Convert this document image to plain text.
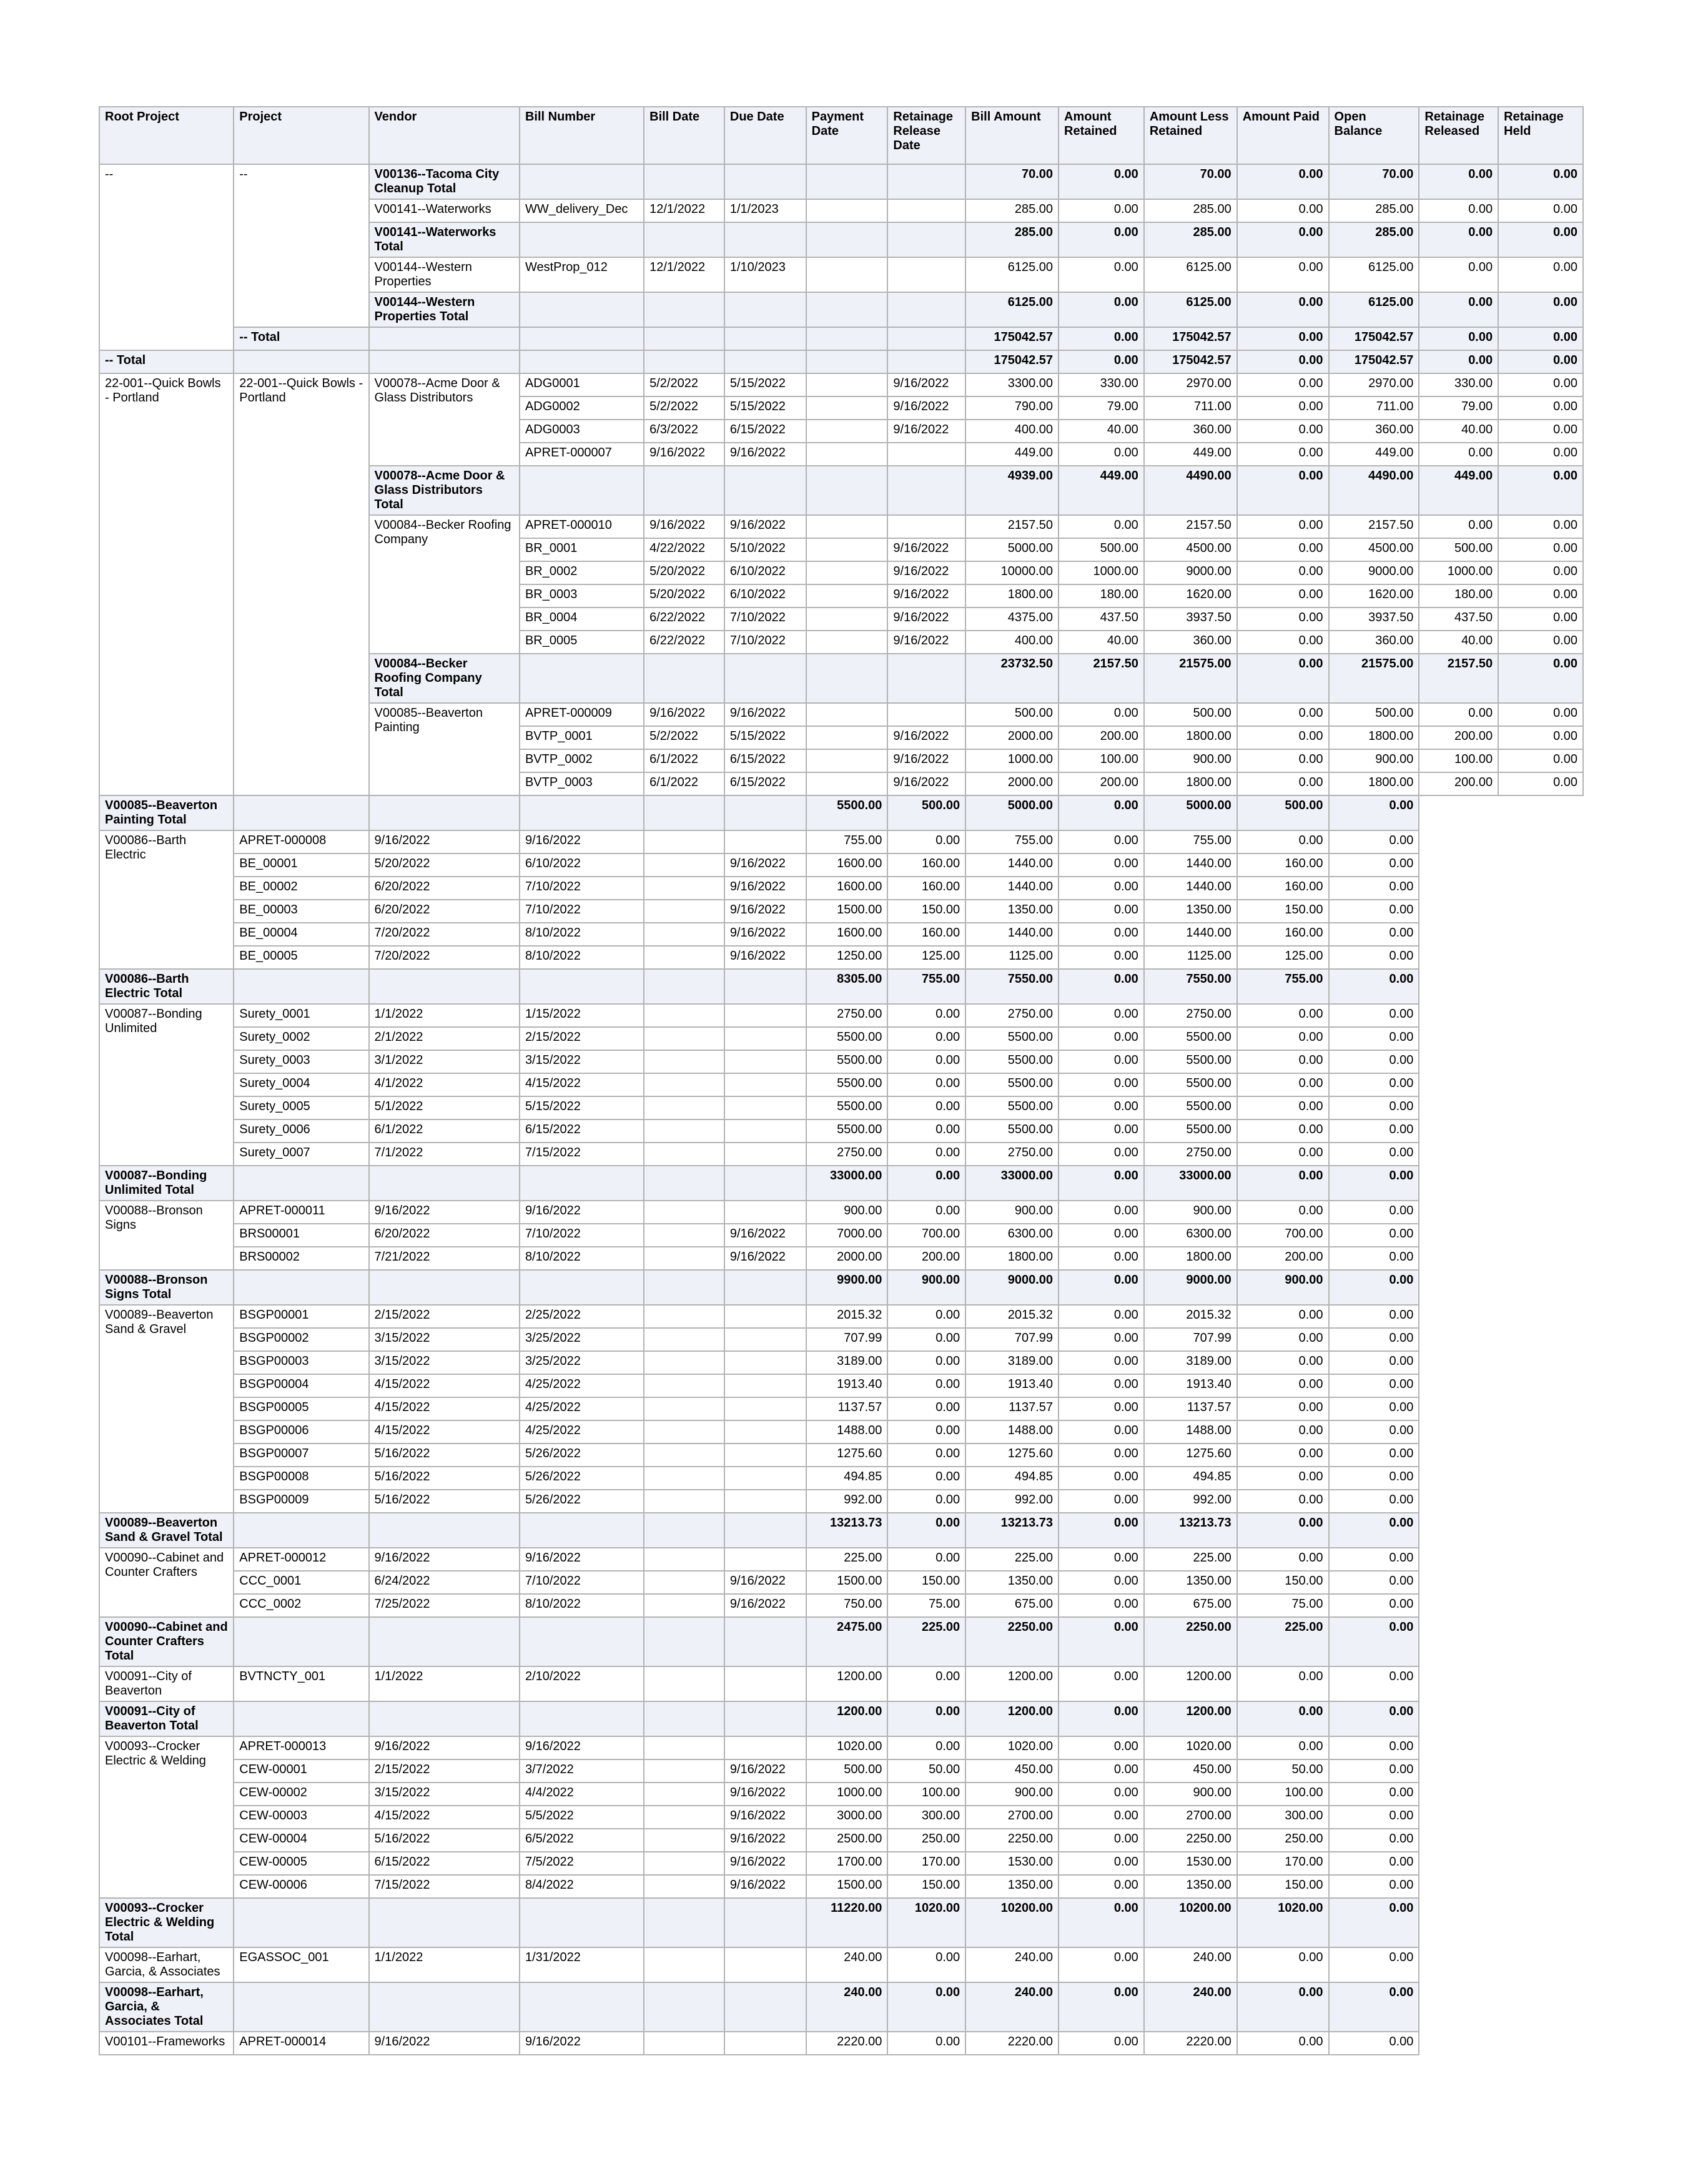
Root Project	Project	Vendor	Bill Number	Bill Date	Due Date	Payment Date	Retainage Release Date	Bill Amount	Amount Retained	Amount Less Retained	Amount Paid	Open Balance	Retainage Released	Retainage Held
--	--	V00136--Tacoma City Cleanup Total						70.00	0.00	70.00	0.00	70.00	0.00	0.00
		V00141--Waterworks	WW_delivery_Dec	12/1/2022	1/1/2023			285.00	0.00	285.00	0.00	285.00	0.00	0.00
		V00141--Waterworks Total						285.00	0.00	285.00	0.00	285.00	0.00	0.00
		V00144--Western Properties	WestProp_012	12/1/2022	1/10/2023			6125.00	0.00	6125.00	0.00	6125.00	0.00	0.00
		V00144--Western Properties Total						6125.00	0.00	6125.00	0.00	6125.00	0.00	0.00
	-- Total							175042.57	0.00	175042.57	0.00	175042.57	0.00	0.00
-- Total								175042.57	0.00	175042.57	0.00	175042.57	0.00	0.00
22-001--Quick Bowls - Portland	22-001--Quick Bowls - Portland	V00078--Acme Door & Glass Distributors	ADG0001	5/2/2022	5/15/2022		9/16/2022	3300.00	330.00	2970.00	0.00	2970.00	330.00	0.00
			ADG0002	5/2/2022	5/15/2022		9/16/2022	790.00	79.00	711.00	0.00	711.00	79.00	0.00
			ADG0003	6/3/2022	6/15/2022		9/16/2022	400.00	40.00	360.00	0.00	360.00	40.00	0.00
			APRET-000007	9/16/2022	9/16/2022			449.00	0.00	449.00	0.00	449.00	0.00	0.00
		V00078--Acme Door & Glass Distributors Total						4939.00	449.00	4490.00	0.00	4490.00	449.00	0.00
		V00084--Becker Roofing Company	APRET-000010	9/16/2022	9/16/2022			2157.50	0.00	2157.50	0.00	2157.50	0.00	0.00
			BR_0001	4/22/2022	5/10/2022		9/16/2022	5000.00	500.00	4500.00	0.00	4500.00	500.00	0.00
			BR_0002	5/20/2022	6/10/2022		9/16/2022	10000.00	1000.00	9000.00	0.00	9000.00	1000.00	0.00
			BR_0003	5/20/2022	6/10/2022		9/16/2022	1800.00	180.00	1620.00	0.00	1620.00	180.00	0.00
			BR_0004	6/22/2022	7/10/2022		9/16/2022	4375.00	437.50	3937.50	0.00	3937.50	437.50	0.00
			BR_0005	6/22/2022	7/10/2022		9/16/2022	400.00	40.00	360.00	0.00	360.00	40.00	0.00
		V00084--Becker Roofing Company Total						23732.50	2157.50	21575.00	0.00	21575.00	2157.50	0.00
		V00085--Beaverton Painting	APRET-000009	9/16/2022	9/16/2022			500.00	0.00	500.00	0.00	500.00	0.00	0.00
			BVTP_0001	5/2/2022	5/15/2022		9/16/2022	2000.00	200.00	1800.00	0.00	1800.00	200.00	0.00
			BVTP_0002	6/1/2022	6/15/2022		9/16/2022	1000.00	100.00	900.00	0.00	900.00	100.00	0.00
			BVTP_0003	6/1/2022	6/15/2022		9/16/2022	2000.00	200.00	1800.00	0.00	1800.00	200.00	0.00
V00085--Beaverton Painting Total						5500.00	500.00	5000.00	0.00	5000.00	500.00	0.00		
V00086--Barth Electric	APRET-000008	9/16/2022	9/16/2022			755.00	0.00	755.00	0.00	755.00	0.00	0.00		
	BE_00001	5/20/2022	6/10/2022		9/16/2022	1600.00	160.00	1440.00	0.00	1440.00	160.00	0.00		
	BE_00002	6/20/2022	7/10/2022		9/16/2022	1600.00	160.00	1440.00	0.00	1440.00	160.00	0.00		
	BE_00003	6/20/2022	7/10/2022		9/16/2022	1500.00	150.00	1350.00	0.00	1350.00	150.00	0.00		
	BE_00004	7/20/2022	8/10/2022		9/16/2022	1600.00	160.00	1440.00	0.00	1440.00	160.00	0.00		
	BE_00005	7/20/2022	8/10/2022		9/16/2022	1250.00	125.00	1125.00	0.00	1125.00	125.00	0.00		
V00086--Barth Electric Total						8305.00	755.00	7550.00	0.00	7550.00	755.00	0.00		
V00087--Bonding Unlimited	Surety_0001	1/1/2022	1/15/2022			2750.00	0.00	2750.00	0.00	2750.00	0.00	0.00		
	Surety_0002	2/1/2022	2/15/2022			5500.00	0.00	5500.00	0.00	5500.00	0.00	0.00		
	Surety_0003	3/1/2022	3/15/2022			5500.00	0.00	5500.00	0.00	5500.00	0.00	0.00		
	Surety_0004	4/1/2022	4/15/2022			5500.00	0.00	5500.00	0.00	5500.00	0.00	0.00		
	Surety_0005	5/1/2022	5/15/2022			5500.00	0.00	5500.00	0.00	5500.00	0.00	0.00		
	Surety_0006	6/1/2022	6/15/2022			5500.00	0.00	5500.00	0.00	5500.00	0.00	0.00		
	Surety_0007	7/1/2022	7/15/2022			2750.00	0.00	2750.00	0.00	2750.00	0.00	0.00		
V00087--Bonding Unlimited Total						33000.00	0.00	33000.00	0.00	33000.00	0.00	0.00		
V00088--Bronson Signs	APRET-000011	9/16/2022	9/16/2022			900.00	0.00	900.00	0.00	900.00	0.00	0.00		
	BRS00001	6/20/2022	7/10/2022		9/16/2022	7000.00	700.00	6300.00	0.00	6300.00	700.00	0.00		
	BRS00002	7/21/2022	8/10/2022		9/16/2022	2000.00	200.00	1800.00	0.00	1800.00	200.00	0.00		
V00088--Bronson Signs Total						9900.00	900.00	9000.00	0.00	9000.00	900.00	0.00		
V00089--Beaverton Sand & Gravel	BSGP00001	2/15/2022	2/25/2022			2015.32	0.00	2015.32	0.00	2015.32	0.00	0.00		
	BSGP00002	3/15/2022	3/25/2022			707.99	0.00	707.99	0.00	707.99	0.00	0.00		
	BSGP00003	3/15/2022	3/25/2022			3189.00	0.00	3189.00	0.00	3189.00	0.00	0.00		
	BSGP00004	4/15/2022	4/25/2022			1913.40	0.00	1913.40	0.00	1913.40	0.00	0.00		
	BSGP00005	4/15/2022	4/25/2022			1137.57	0.00	1137.57	0.00	1137.57	0.00	0.00		
	BSGP00006	4/15/2022	4/25/2022			1488.00	0.00	1488.00	0.00	1488.00	0.00	0.00		
	BSGP00007	5/16/2022	5/26/2022			1275.60	0.00	1275.60	0.00	1275.60	0.00	0.00		
	BSGP00008	5/16/2022	5/26/2022			494.85	0.00	494.85	0.00	494.85	0.00	0.00		
	BSGP00009	5/16/2022	5/26/2022			992.00	0.00	992.00	0.00	992.00	0.00	0.00		
V00089--Beaverton Sand & Gravel Total						13213.73	0.00	13213.73	0.00	13213.73	0.00	0.00		
V00090--Cabinet and Counter Crafters	APRET-000012	9/16/2022	9/16/2022			225.00	0.00	225.00	0.00	225.00	0.00	0.00		
	CCC_0001	6/24/2022	7/10/2022		9/16/2022	1500.00	150.00	1350.00	0.00	1350.00	150.00	0.00		
	CCC_0002	7/25/2022	8/10/2022		9/16/2022	750.00	75.00	675.00	0.00	675.00	75.00	0.00		
V00090--Cabinet and Counter Crafters Total						2475.00	225.00	2250.00	0.00	2250.00	225.00	0.00		
V00091--City of Beaverton	BVTNCTY_001	1/1/2022	2/10/2022			1200.00	0.00	1200.00	0.00	1200.00	0.00	0.00		
V00091--City of Beaverton Total						1200.00	0.00	1200.00	0.00	1200.00	0.00	0.00		
V00093--Crocker Electric & Welding	APRET-000013	9/16/2022	9/16/2022			1020.00	0.00	1020.00	0.00	1020.00	0.00	0.00		
	CEW-00001	2/15/2022	3/7/2022		9/16/2022	500.00	50.00	450.00	0.00	450.00	50.00	0.00		
	CEW-00002	3/15/2022	4/4/2022		9/16/2022	1000.00	100.00	900.00	0.00	900.00	100.00	0.00		
	CEW-00003	4/15/2022	5/5/2022		9/16/2022	3000.00	300.00	2700.00	0.00	2700.00	300.00	0.00		
	CEW-00004	5/16/2022	6/5/2022		9/16/2022	2500.00	250.00	2250.00	0.00	2250.00	250.00	0.00		
	CEW-00005	6/15/2022	7/5/2022		9/16/2022	1700.00	170.00	1530.00	0.00	1530.00	170.00	0.00		
	CEW-00006	7/15/2022	8/4/2022		9/16/2022	1500.00	150.00	1350.00	0.00	1350.00	150.00	0.00		
V00093--Crocker Electric & Welding Total						11220.00	1020.00	10200.00	0.00	10200.00	1020.00	0.00		
V00098--Earhart, Garcia, & Associates	EGASSOC_001	1/1/2022	1/31/2022			240.00	0.00	240.00	0.00	240.00	0.00	0.00		
V00098--Earhart, Garcia, & Associates Total						240.00	0.00	240.00	0.00	240.00	0.00	0.00		
V00101--Frameworks	APRET-000014	9/16/2022	9/16/2022			2220.00	0.00	2220.00	0.00	2220.00	0.00	0.00		
